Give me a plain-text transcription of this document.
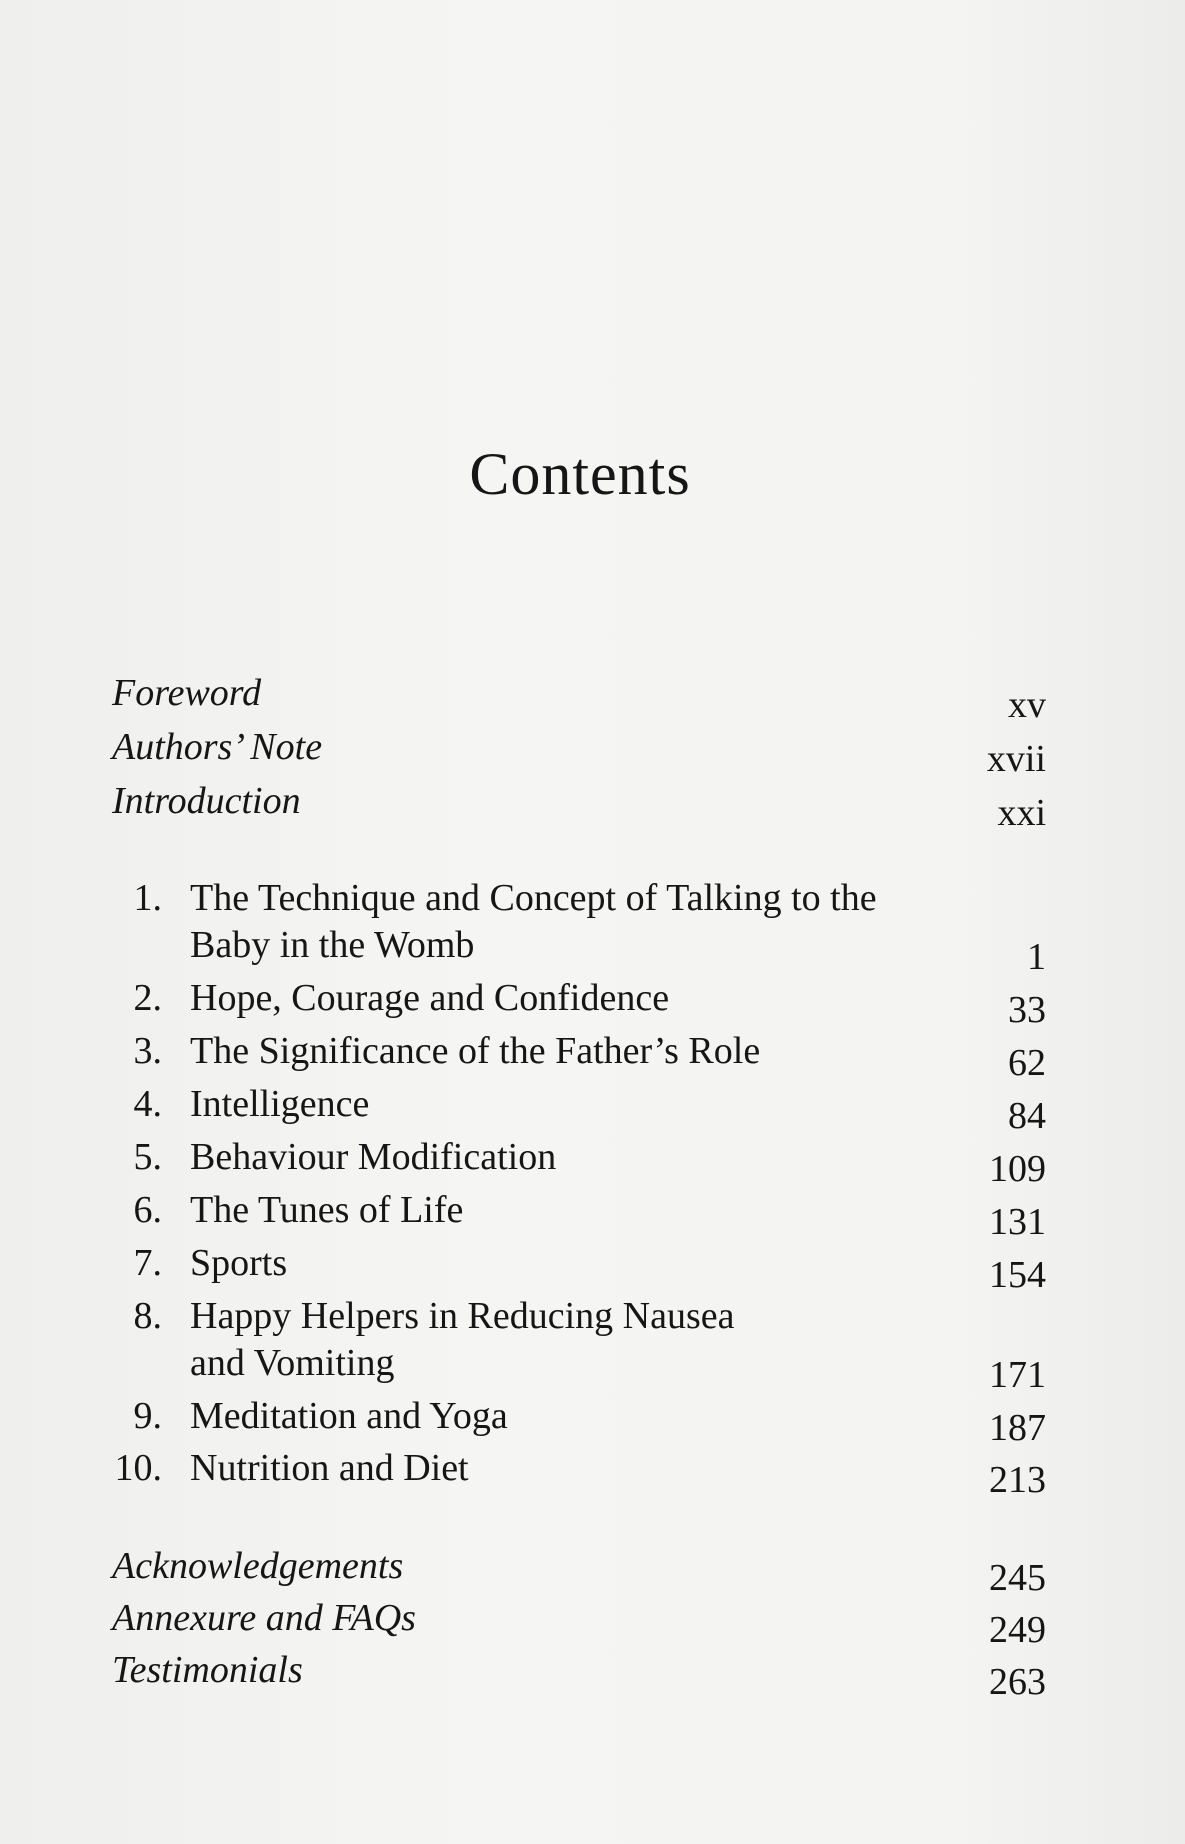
Contents
Foreword	xv
Authors’ Note	xvii
Introduction	xxi
1. The Technique and Concept of Talking to the
Baby in the Womb	1
2. Hope, Courage and Confidence	33
3. The Significance of the Father’s Role	62
4. Intelligence	84
5. Behaviour Modification	109
6. The Tunes of Life	131
7. Sports	154
8. Happy Helpers in Reducing Nausea
and Vomiting	171
9. Meditation and Yoga	187
10. Nutrition and Diet	213
Acknowledgements	245
Annexure and FAQs	249
Testimonials	263
